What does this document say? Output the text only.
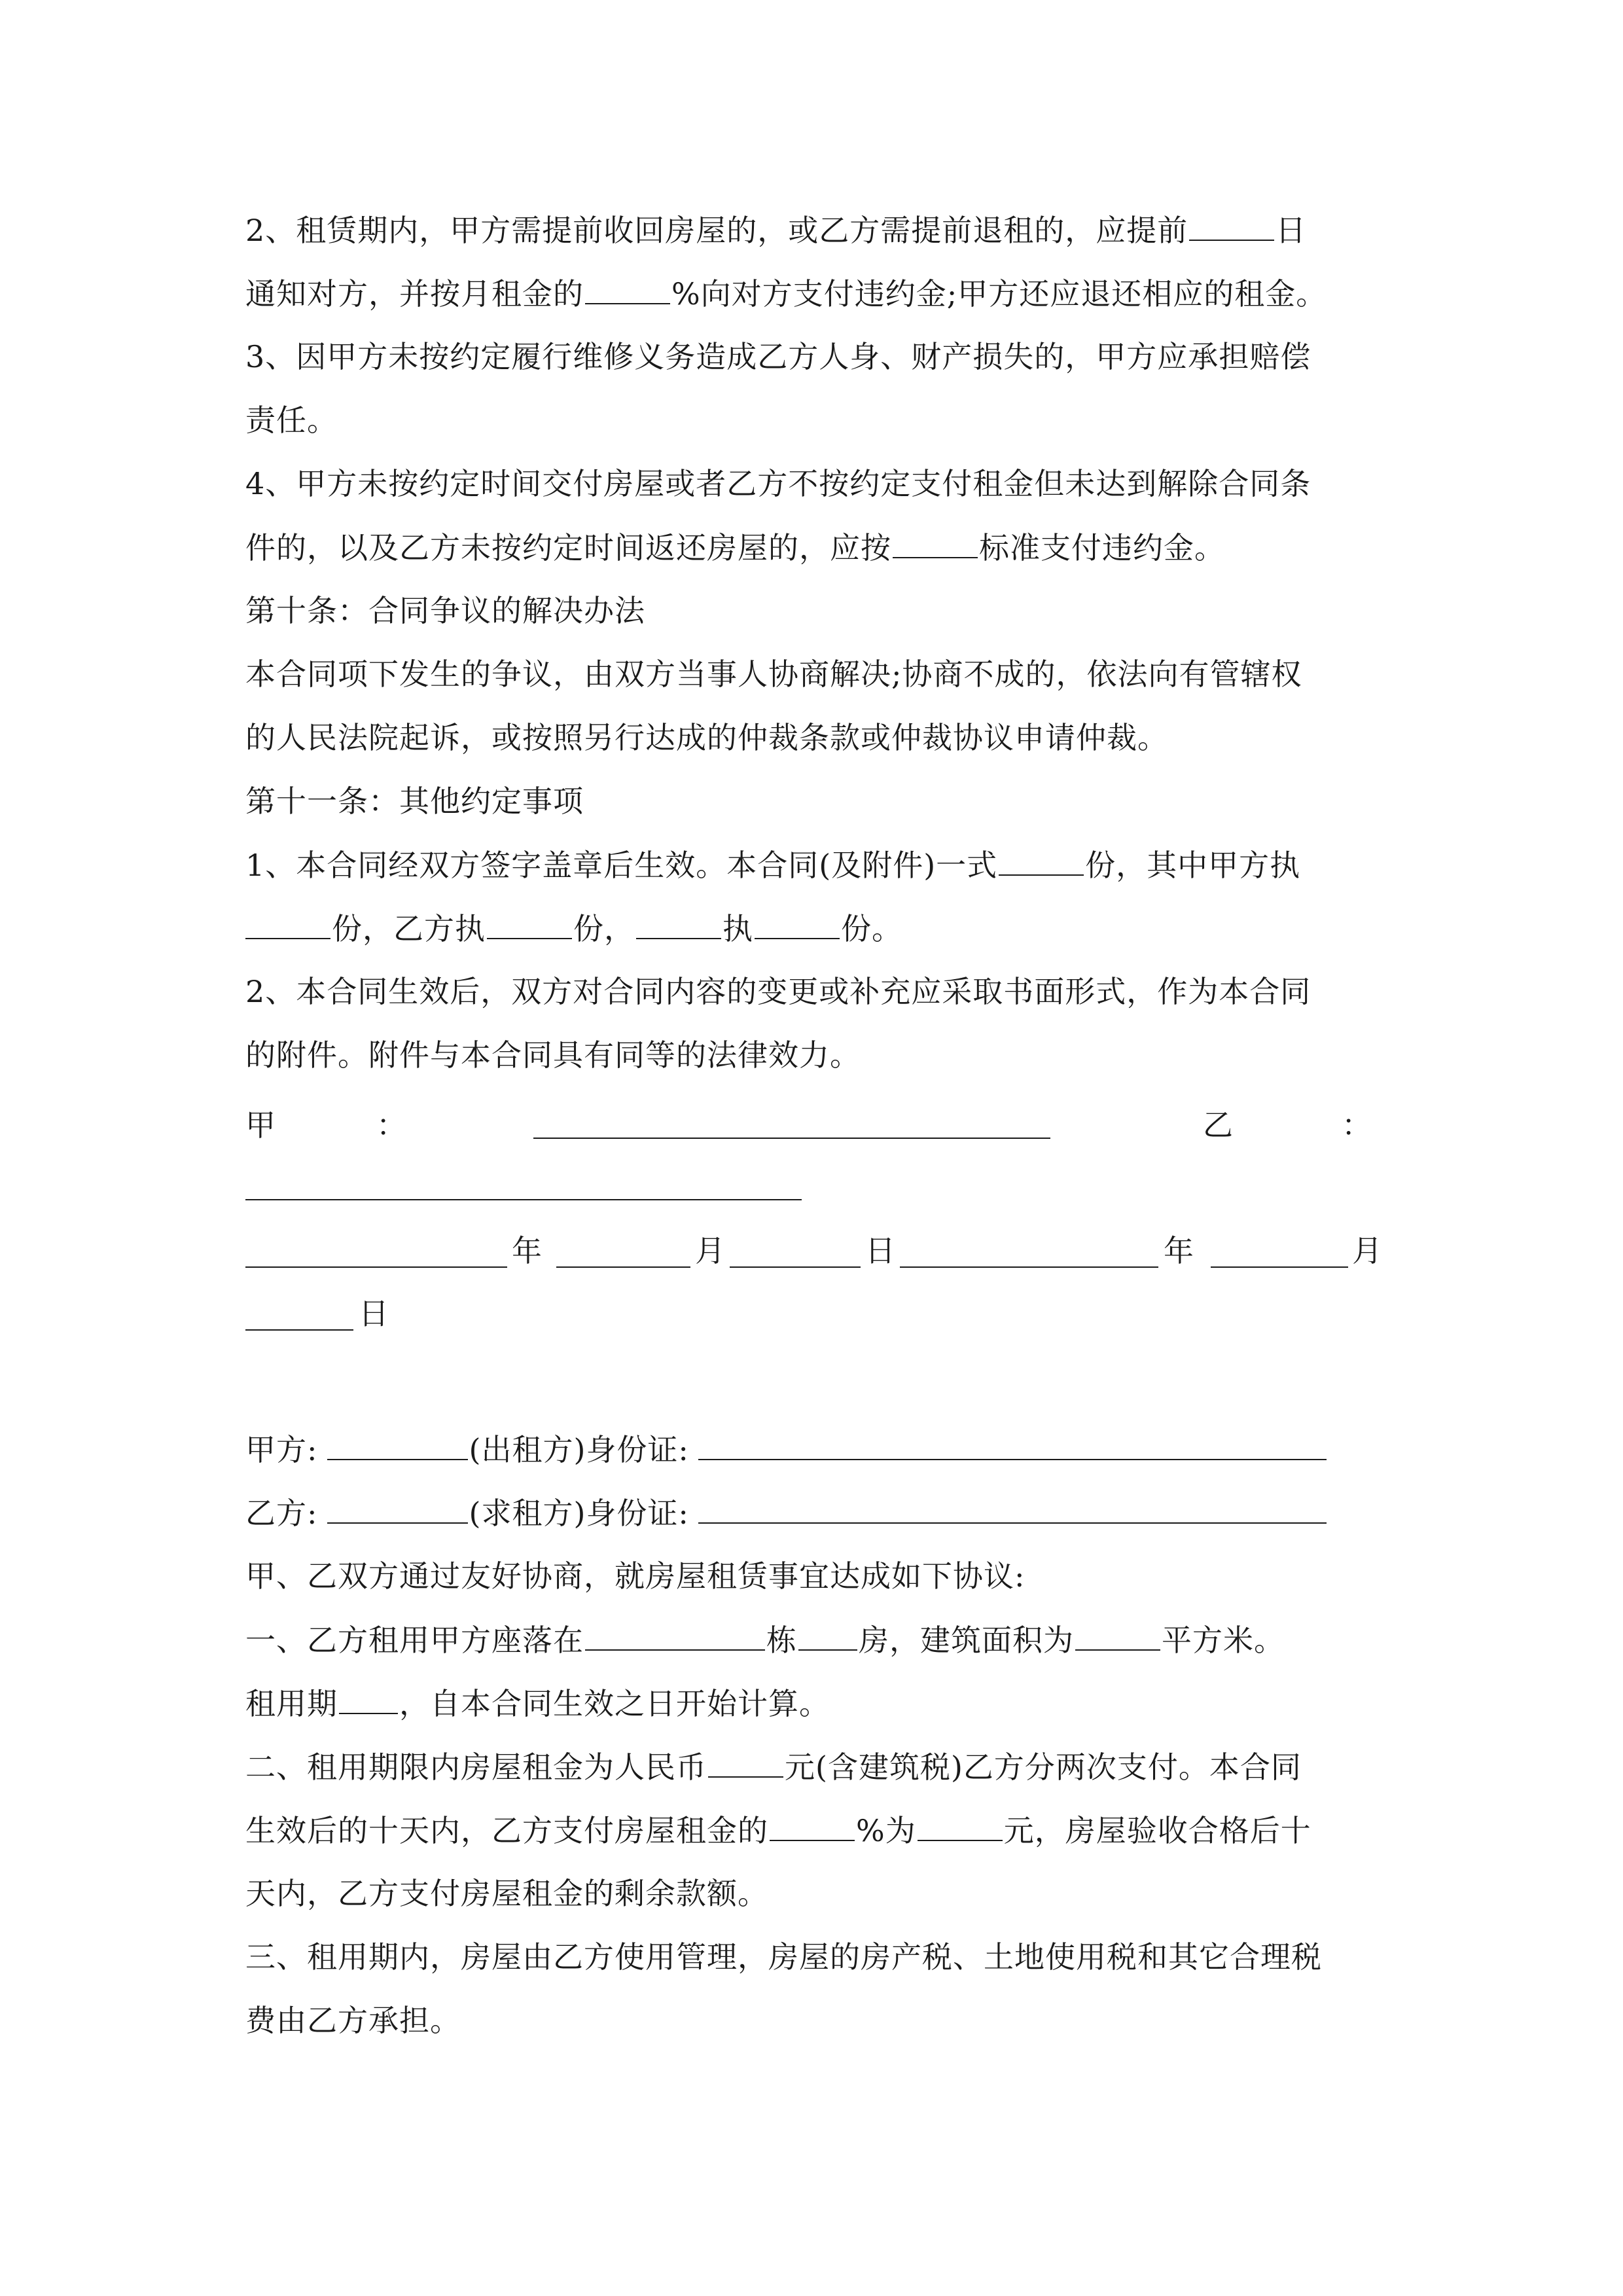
2、租赁期内，甲方需提前收回房屋的，或乙方需提前退租的，应提前	日
通知对方，并按月租金的	%向对方支付违约金;甲方还应退还相应的租金。
3、因甲方未按约定履行维修义务造成乙方人身、财产损失的，甲方应承担赔偿
责任。
4、甲方未按约定时间交付房屋或者乙方不按约定支付租金但未达到解除合同条
件的，以及乙方未按约定时间返还房屋的，应按	标准支付违约金。
第十条：合同争议的解决办法
本合同项下发生的争议，由双方当事人协商解决;协商不成的，依法向有管辖权
的人民法院起诉，或按照另行达成的仲裁条款或仲裁协议申请仲裁。
第十一条：其他约定事项
1、本合同经双方签字盖章后生效。本合同(及附件)一式	份，其中甲方执
份，乙方执	份，	执	份。
2、本合同生效后，双方对合同内容的变更或补充应采取书面形式，作为本合同
的附件。附件与本合同具有同等的法律效力。
甲	：	乙	：
年	月	日	年	月
日
甲方:	(出租方)身份证:
乙方:	(求租方)身份证:
甲、乙双方通过友好协商，就房屋租赁事宜达成如下协议:
一、乙方租用甲方座落在	栋 房，建筑面积为	平方米。
租用期 ，自本合同生效之日开始计算。
二、租用期限内房屋租金为人民币	元(含建筑税)乙方分两次支付。本合同
生效后的十天内，乙方支付房屋租金的	%为	元，房屋验收合格后十
天内，乙方支付房屋租金的剩余款额。
三、租用期内，房屋由乙方使用管理，房屋的房产税、土地使用税和其它合理税
费由乙方承担。
